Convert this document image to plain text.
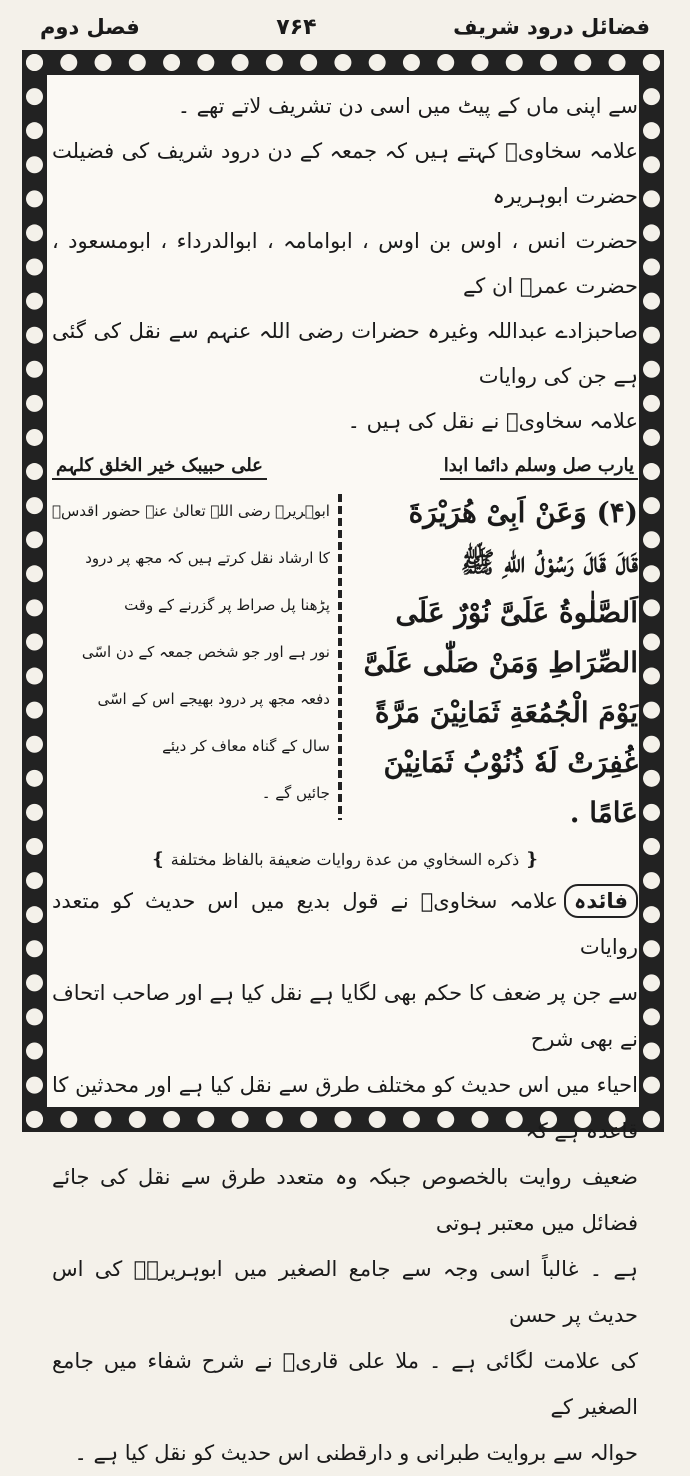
فضائل درود شریف
۷۶۴
فصل دوم

سے اپنی ماں کے پیٹ میں اسی دن تشریف لاتے تھے ۔

علامہ سخاویؒ کہتے ہیں کہ جمعہ کے دن درود شریف کی فضیلت حضرت ابوہریرہ

حضرت انس ، اوس بن اوس ، ابوامامہ ، ابوالدرداء ، ابومسعود ، حضرت عمرؓ ان کے

صاحبزادے عبداللہ وغیرہ حضرات رضی اللہ عنہم سے نقل کی گئی ہے جن کی روایات

علامہ سخاویؒ نے نقل کی ہیں ۔

یارب صل وسلم دائما ابدا
علی حبیبک خیر الخلق کلہم
(۴) وَعَنْ اَبِیْ هُرَيْرَةَ
قَالَ قَالَ رَسُوْلُ اللّٰهِ ﷺ
اَلصَّلٰوةُ عَلَیَّ نُوْرٌ عَلَی
الصِّرَاطِ وَمَنْ صَلّٰی عَلَیَّ
يَوْمَ الْجُمُعَةِ ثَمَانِيْنَ مَرَّةً
غُفِرَتْ لَهٗ ذُنُوْبُ ثَمَانِيْنَ
عَامًا .
ابوہریرہ رضی اللہ تعالیٰ عنہ حضور اقدسؐ
کا ارشاد نقل کرتے ہیں کہ مجھ پر درود
پڑھنا پل صراط پر گزرنے کے وقت
نور ہے اور جو شخص جمعہ کے دن اسّی
دفعہ مجھ پر درود بھیجے اس کے اسّی
سال کے گناہ معاف کر دیئے
جائیں گے ۔
❴ ذكره السخاوي من عدة روايات ضعيفة بالفاظ مختلفة ❵

فائدہعلامہ سخاویؒ نے قول بدیع میں اس حدیث کو متعدد روایات

سے جن پر ضعف کا حکم بھی لگایا ہے نقل کیا ہے اور صاحب اتحاف نے بھی شرح

احیاء میں اس حدیث کو مختلف طرق سے نقل کیا ہے اور محدثین کا قاعدہ ہے کہ

ضعیف روایت بالخصوص جبکہ وہ متعدد طرق سے نقل کی جائے فضائل میں معتبر ہوتی

ہے ۔ غالباً اسی وجہ سے جامع الصغیر میں ابوہریرہؓ کی اس حدیث پر حسن

کی علامت لگائی ہے ۔ ملا علی قاریؒ نے شرح شفاء میں جامع الصغیر کے

حوالہ سے بروایت طبرانی و دارقطنی اس حدیث کو نقل کیا ہے ۔
